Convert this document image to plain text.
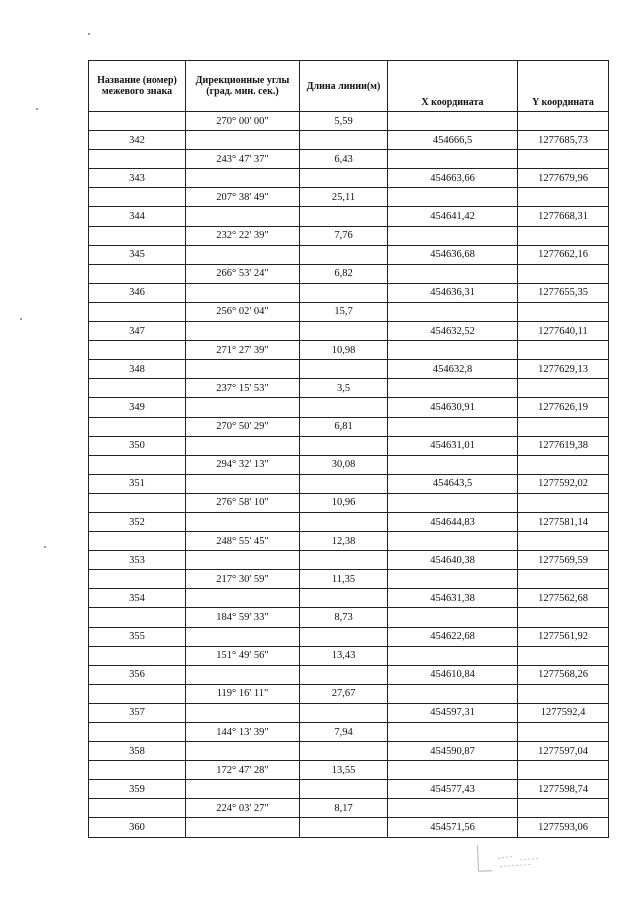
Название (номер) межевого знака	Дирекционные углы (град. мин. сек.)	Длина линии(м)	X координата	Y координата
	270° 00' 00"	5,59		
342			454666,5	1277685,73
	243° 47' 37"	6,43		
343			454663,66	1277679,96
	207° 38' 49"	25,11		
344			454641,42	1277668,31
	232° 22' 39"	7,76		
345			454636,68	1277662,16
	266° 53' 24"	6,82		
346			454636,31	1277655,35
	256° 02' 04"	15,7		
347			454632,52	1277640,11
	271° 27' 39"	10,98		
348			454632,8	1277629,13
	237° 15' 53"	3,5		
349			454630,91	1277626,19
	270° 50' 29"	6,81		
350			454631,01	1277619,38
	294° 32' 13"	30,08		
351			454643,5	1277592,02
	276° 58' 10"	10,96		
352			454644,83	1277581,14
	248° 55' 45"	12,38		
353			454640,38	1277569,59
	217° 30' 59"	11,35		
354			454631,38	1277562,68
	184° 59' 33"	8,73		
355			454622,68	1277561,92
	151° 49' 56"	13,43		
356			454610,84	1277568,26
	119° 16' 11"	27,67		
357			454597,31	1277592,4
	144° 13' 39"	7,94		
358			454590,87	1277597,04
	172° 47' 28"	13,55		
359			454577,43	1277598,74
	224° 03' 27"	8,17		
360			454571,56	1277593,06
